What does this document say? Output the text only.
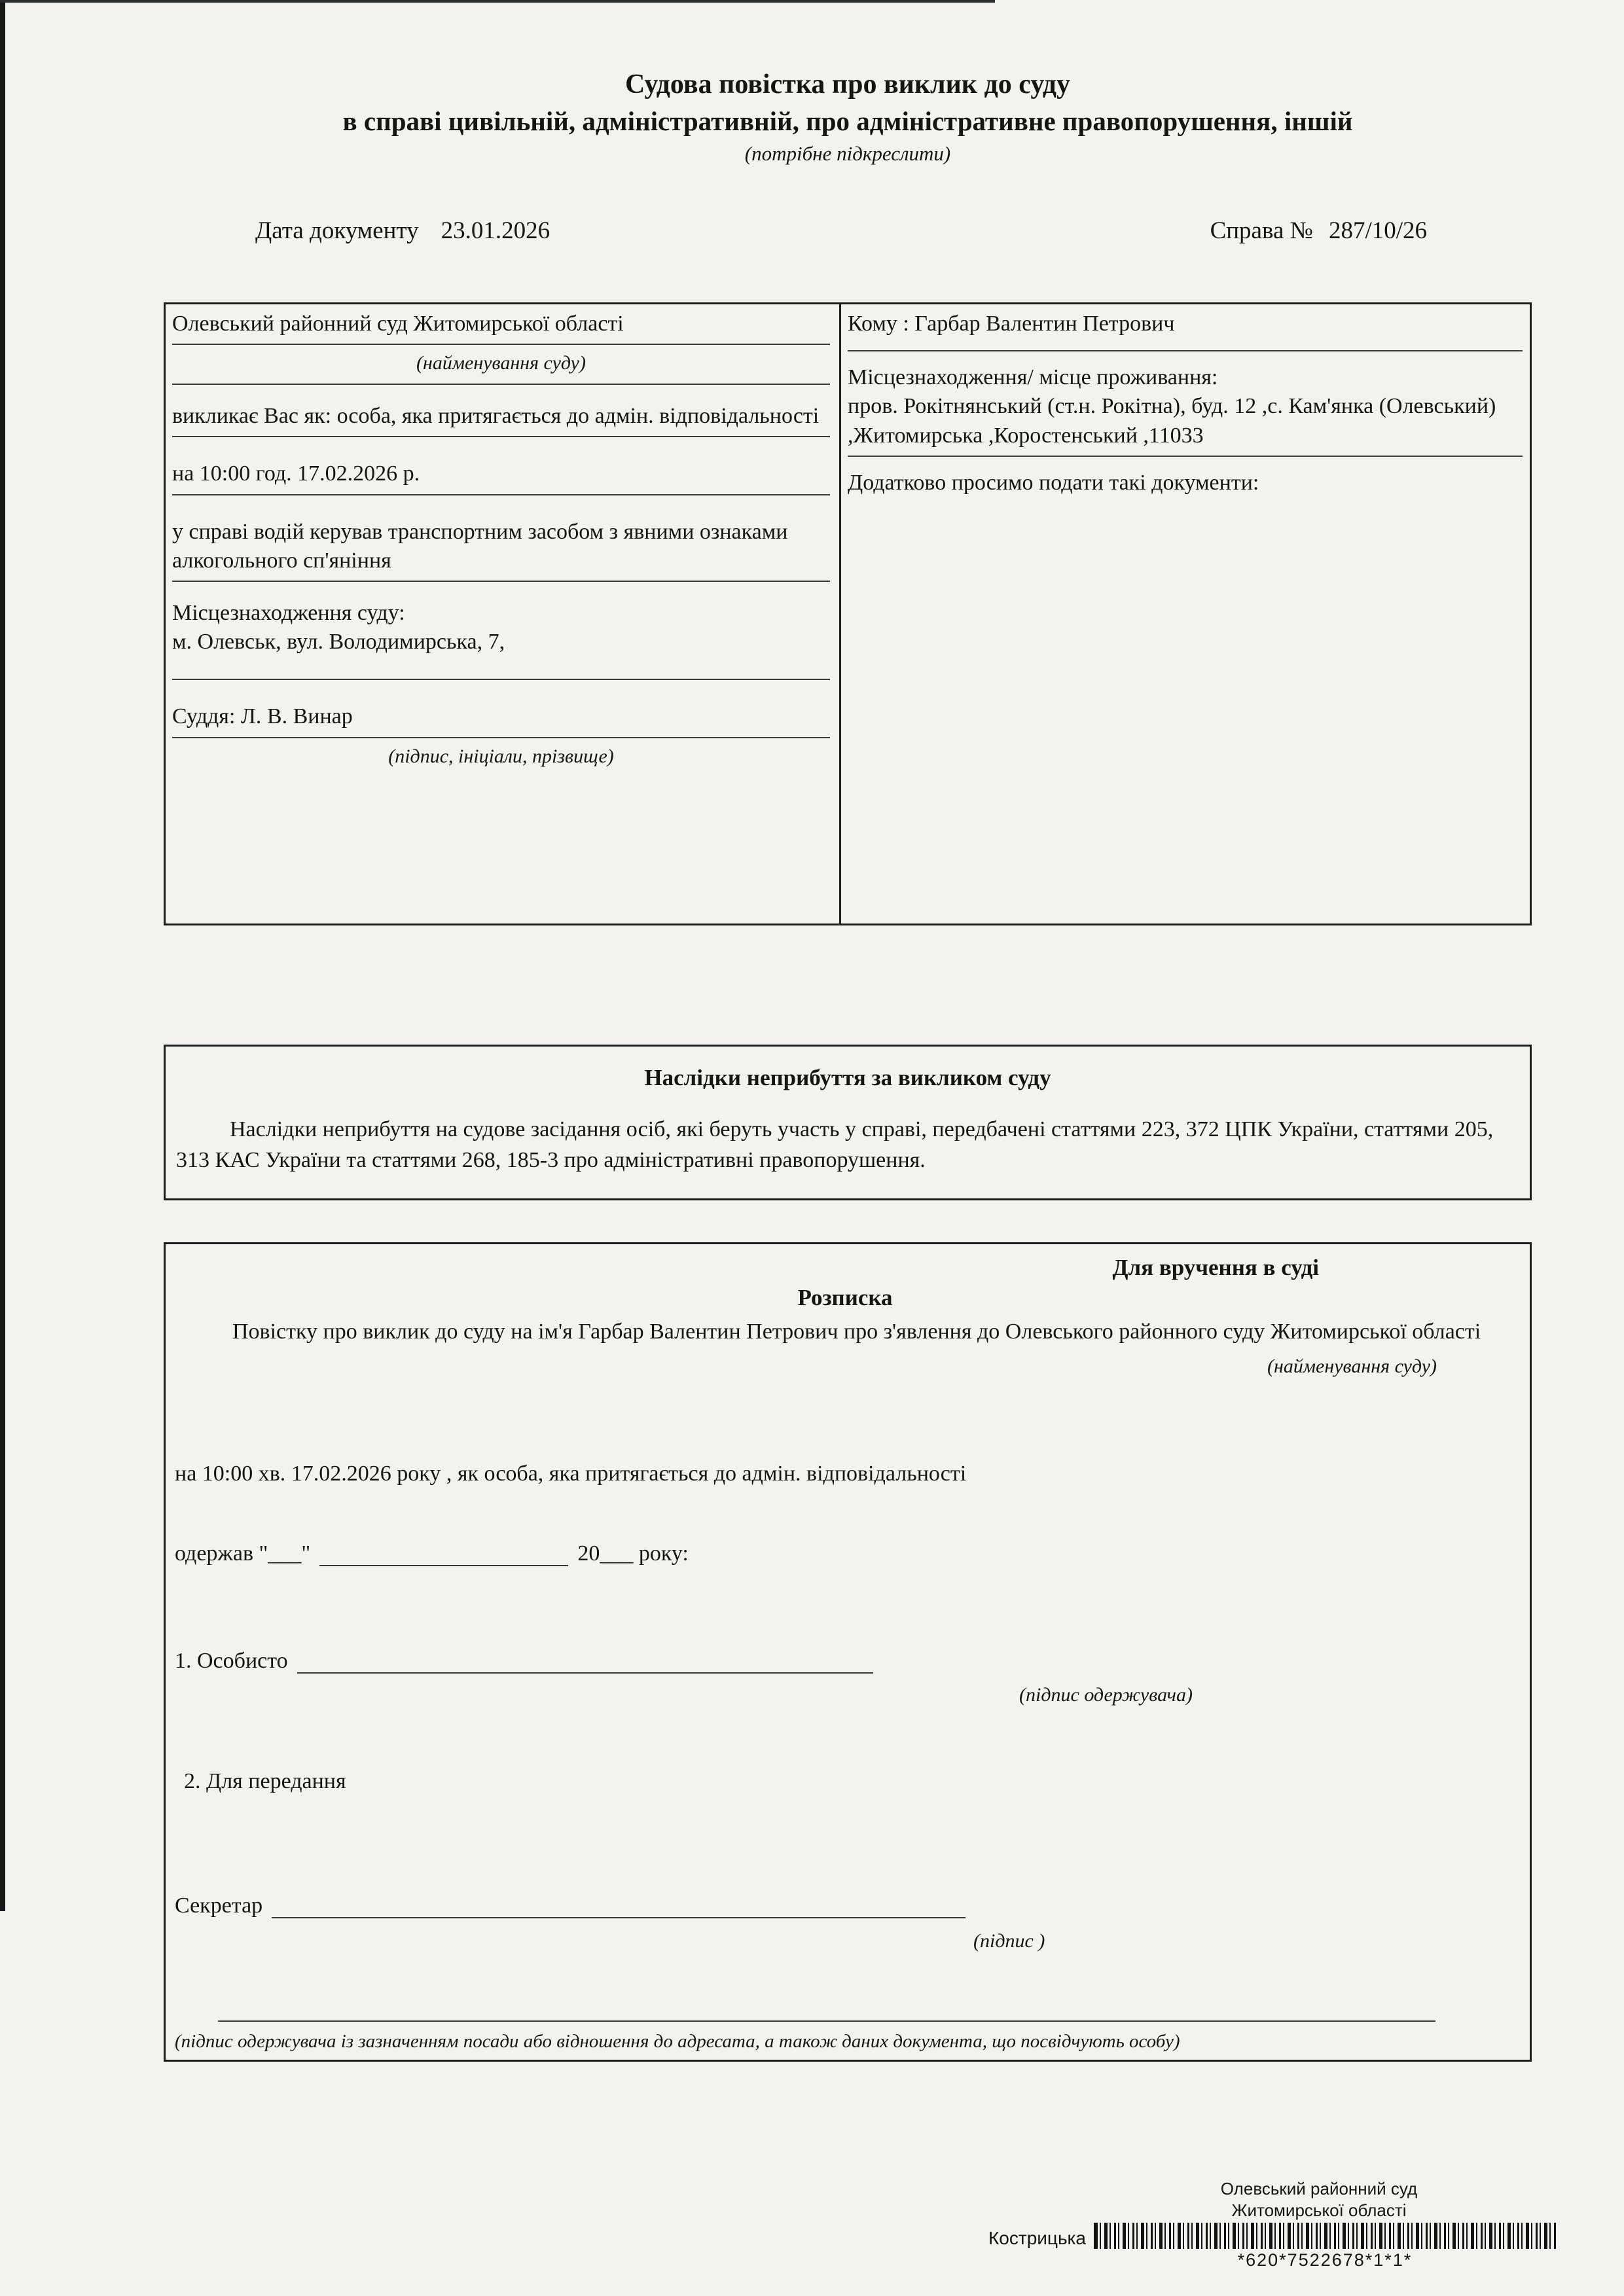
Судова повістка про виклик до суду
в справі цивільній, адміністративній, про адміністративне правопорушення, іншій
(потрібне підкреслити)
Дата документу 23.01.2026	Справа № 287/10/26
Олевський районний суд Житомирської області
(найменування суду)
викликає Вас як: особа, яка притягається до адмін. відповідальності
на 10:00 год. 17.02.2026 р.
у справі водій керував транспортним засобом з явними ознаками алкогольного сп'яніння
Місцезнаходження суду:
м. Олевськ, вул. Володимирська, 7,
Суддя: Л. В. Винар
(підпис, ініціали, прізвище)
Кому : Гарбар Валентин Петрович
Місцезнаходження/ місце проживання:
пров. Рокітнянський (ст.н. Рокітна), буд. 12 ,с. Кам'янка (Олевський) ,Житомирська ,Коростенський ,11033
Додатково просимо подати такі документи:
Наслідки неприбуття за викликом суду
Наслідки неприбуття на судове засідання осіб, які беруть участь у справі, передбачені статтями 223, 372 ЦПК України, статтями 205, 313 КАС України та статтями 268, 185-3 про адміністративні правопорушення.
Для вручення в суді
Розписка
Повістку про виклик до суду на ім'я Гарбар Валентин Петрович про з'явлення до Олевського районного суду Житомирської області
(найменування суду)
на 10:00 хв. 17.02.2026 року , як особа, яка притягається до адмін. відповідальності
одержав "___"	20___ року:
1. Особисто
(підпис одержувача)
2. Для передання
Секретар
(підпис )
(підпис одержувача із зазначенням посади або відношення до адресата, а також даних документа, що посвідчують особу)
Олевський районний суд
Житомирської області
Кострицька
*620*7522678*1*1*
